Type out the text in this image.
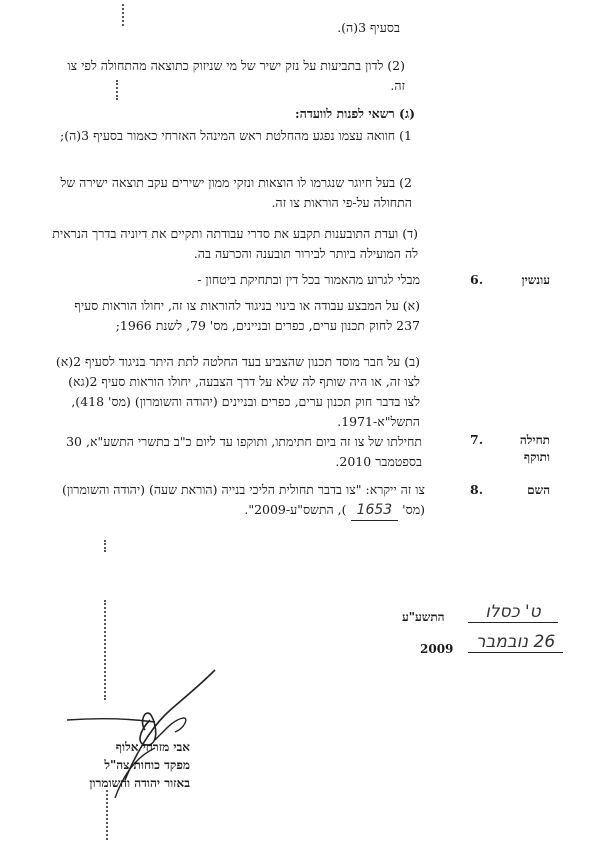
בסעיף 3(ה).
(2) לדון בתביעות על נזק ישיר של מי שניזוק כתוצאה מהתחולה לפי צו זה.
(ג) רשאי לפנות לוועדה:
1) חוואה עצמו נפגע מהחלטת ראש המינהל האזרחי כאמור בסעיף 3(ה);
2) בעל חיוגר שנגרמו לו הוצאות ונזקי ממון ישירים עקב תוצאה ישירה של התחולה על-פי הוראות צו זה.
(ד) ועדת התובענות תקבע את סדרי עבודתה ותקיים את דיוניה בדרך הנראית לה המועילה ביותר לבירור תובענה והכרעה בה.
עונשין
6.
מבלי לגרוע מהאמור בכל דין ובתחיקת ביטחון -
(א) על המבצע עבודה או בינוי בניגוד להוראות צו זה, יחולו הוראות סעיף 237 לחוק תכנון ערים, כפרים ובניינים, מס' 79, לשנת 1966;
(ב) על חבר מוסד תכנון שהצביע בעד החלטה לתת היתר בניגוד לסעיף 2(א) לצו זה, או היה שותף לה שלא על דרך הצבעה, יחולו הוראות סעיף 2(גא) לצו בדבר חוק תכנון ערים, כפרים ובניינים (יהודה והשומרון) (מס' 418), התשל"א-1971.
תחילה ותוקף
7.
תחילתו של צו זה ביום חתימתו, ותוקפו עד ליום כ"ב בתשרי התשע"א, 30 בספטמבר 2010.
השם
8.
צו זה ייקרא: "צו בדבר תחולית הליכי בנייה (הוראת שעה) (יהודה והשומרון) (מס' 1653 ), התשס"ע-2009".
התשע"ע	ט' כסלו
2009	26 נובמבר
אבי מזרחי אלוף
מפקד כוחות צה"ל
באזור יהודה והשומרון
